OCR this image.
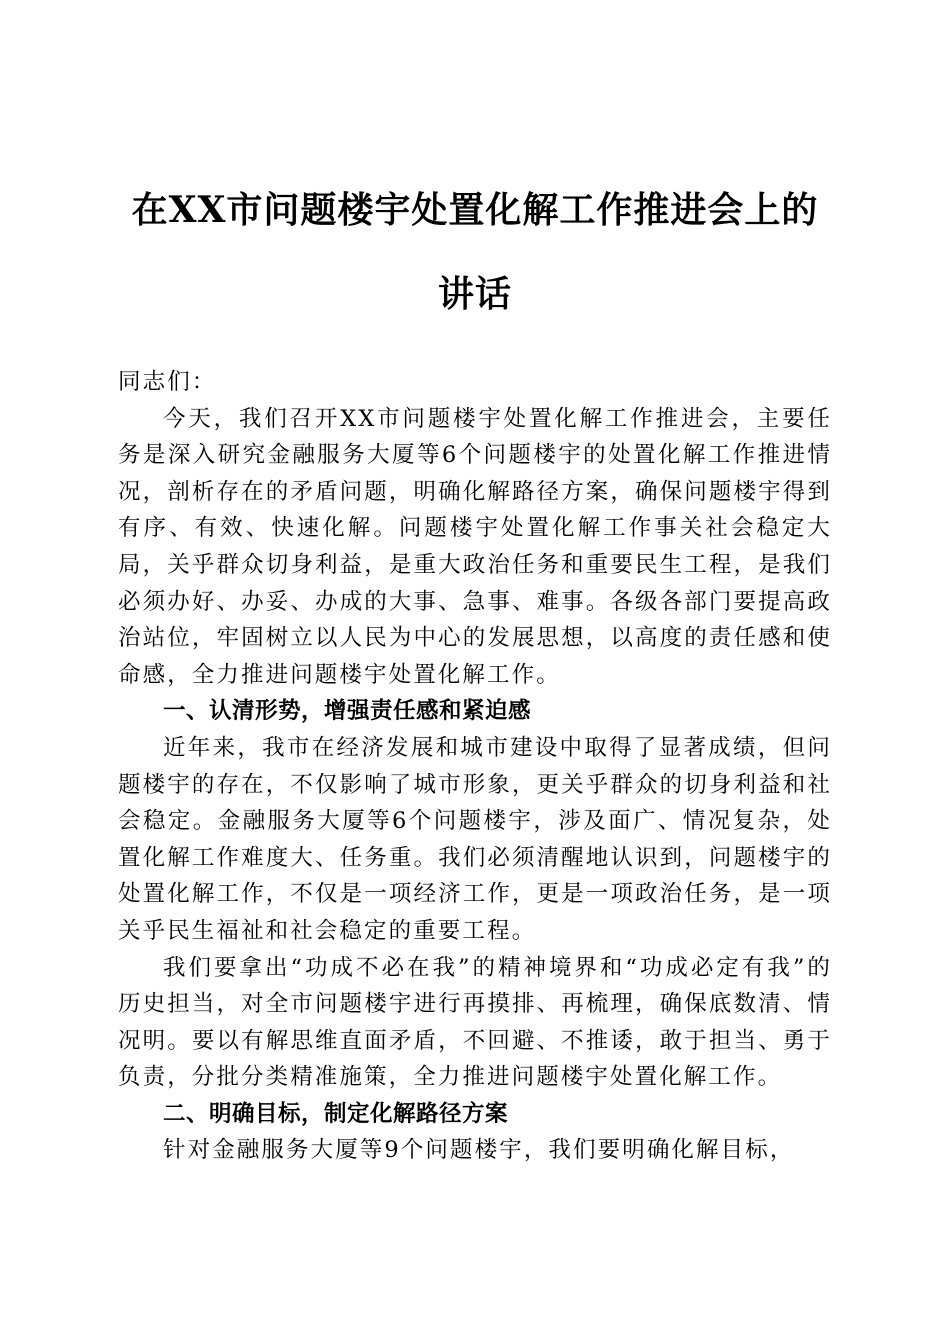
在XX市问题楼宇处置化解工作推进会上的讲话

同志们：

今天，我们召开XX市问题楼宇处置化解工作推进会，主要任务是深入研究金融服务大厦等6个问题楼宇的处置化解工作推进情况，剖析存在的矛盾问题，明确化解路径方案，确保问题楼宇得到有序、有效、快速化解。问题楼宇处置化解工作事关社会稳定大局，关乎群众切身利益，是重大政治任务和重要民生工程，是我们必须办好、办妥、办成的大事、急事、难事。各级各部门要提高政治站位，牢固树立以人民为中心的发展思想，以高度的责任感和使命感，全力推进问题楼宇处置化解工作。

一、认清形势，增强责任感和紧迫感

近年来，我市在经济发展和城市建设中取得了显著成绩，但问题楼宇的存在，不仅影响了城市形象，更关乎群众的切身利益和社会稳定。金融服务大厦等6个问题楼宇，涉及面广、情况复杂，处置化解工作难度大、任务重。我们必须清醒地认识到，问题楼宇的处置化解工作，不仅是一项经济工作，更是一项政治任务，是一项关乎民生福祉和社会稳定的重要工程。

我们要拿出“功成不必在我”的精神境界和“功成必定有我”的历史担当，对全市问题楼宇进行再摸排、再梳理，确保底数清、情况明。要以有解思维直面矛盾，不回避、不推诿，敢于担当、勇于负责，分批分类精准施策，全力推进问题楼宇处置化解工作。

二、明确目标，制定化解路径方案

针对金融服务大厦等9个问题楼宇，我们要明确化解目标，
